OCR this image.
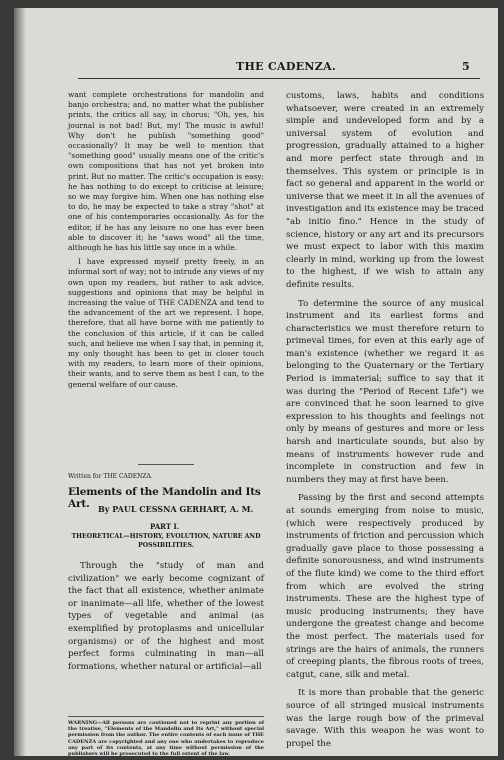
THE CADENZA.	5

want complete orchestrations for mandolin and banjo orchestra; and, no matter what the publisher prints, the critics all say, in chorus; "Oh, yes, his journal is not bad! But, my! The music is awful! Why don't he publish "something good" occasionally? It may be well to mention that "something good" usually means one of the critic's own compositions that has not yet broken into print. But no matter. The critic's occupation is easy; he has nothing to do except to criticise at leisure; so we may forgive him. When one has nothing else to do, he may be expected to take a stray "shot" at one of his contemporaries occasionally. As for the editor, if he has any leisure no one has ever been able to discover it; he "saws wood" all the time, although he has his little say once in a while.

I have expressed myself pretty freely, in an informal sort of way; not to intrude any views of my own upon my readers, but rather to ask advice, suggestions and opinions that may be helpful in increasing the value of THE CADENZA and tend to the advancement of the art we represent. I hope, therefore, that all have borne with me patiently to the conclusion of this article, if it can be called such, and believe me when I say that, in penning it, my only thought has been to get in closer touch with my readers, to learn more of their opinions, their wants, and to serve them as best I can, to the general welfare of our cause.

Written for THE CADENZA.
Elements of the Mandolin and Its Art.	By PAUL CESSNA GERHART, A. M.
PART I.
THEORETICAL—HISTORY, EVOLUTION, NATURE AND POSSIBILITIES.

Through the "study of man and civilization" we early become cognizant of the fact that all existence, whether animate or inanimate—all life, whether of the lowest types of vegetable and animal (as exemplified by protoplasms and unicellular organisms) or of the highest and most perfect forms culminating in man—all formations, whether natural or artificial—all

WARNING—All persons are cautioned not to reprint any portion of the treatise, "Elements of the Mandolin and Its Art," without special permission from the author. The entire contents of each issue of THE CADENZA are copyrighted and any one who undertakes to reproduce any part of its contents, at any time without permission of the publishers will be prosecuted to the full extent of the law.

customs, laws, habits and conditions whatsoever, were created in an extremely simple and undeveloped form and by a universal system of evolution and progression, gradually attained to a higher and more perfect state through and in themselves. This system or principle is in fact so general and apparent in the world or universe that we meet it in all the avenues of investigation and its existence may be traced "ab initio fino." Hence in the study of science, history or any art and its precursors we must expect to labor with this maxim clearly in mind, working up from the lowest to the highest, if we wish to attain any definite results.

To determine the source of any musical instrument and its earliest forms and characteristics we must therefore return to primeval times, for even at this early age of man's existence (whether we regard it as belonging to the Quaternary or the Tertiary Period is immaterial; suffice to say that it was during the "Period of Recent Life") we are convinced that he soon learned to give expression to his thoughts and feelings not only by means of gestures and more or less harsh and inarticulate sounds, but also by means of instruments however rude and incomplete in construction and few in numbers they may at first have been.

Passing by the first and second attempts at sounds emerging from noise to music, (which were respectively produced by instruments of friction and percussion which gradually gave place to those possessing a definite sonorousness, and wind instruments of the flute kind) we come to the third effort from which are evolved the string instruments. These are the highest type of music producing instruments; they have undergone the greatest change and become the most perfect. The materials used for strings are the hairs of animals, the runners of creeping plants, the fibrous roots of trees, catgut, cane, silk and metal.

It is more than probable that the generic source of all stringed musical instruments was the large rough bow of the primeval savage. With this weapon he was wont to propel the
